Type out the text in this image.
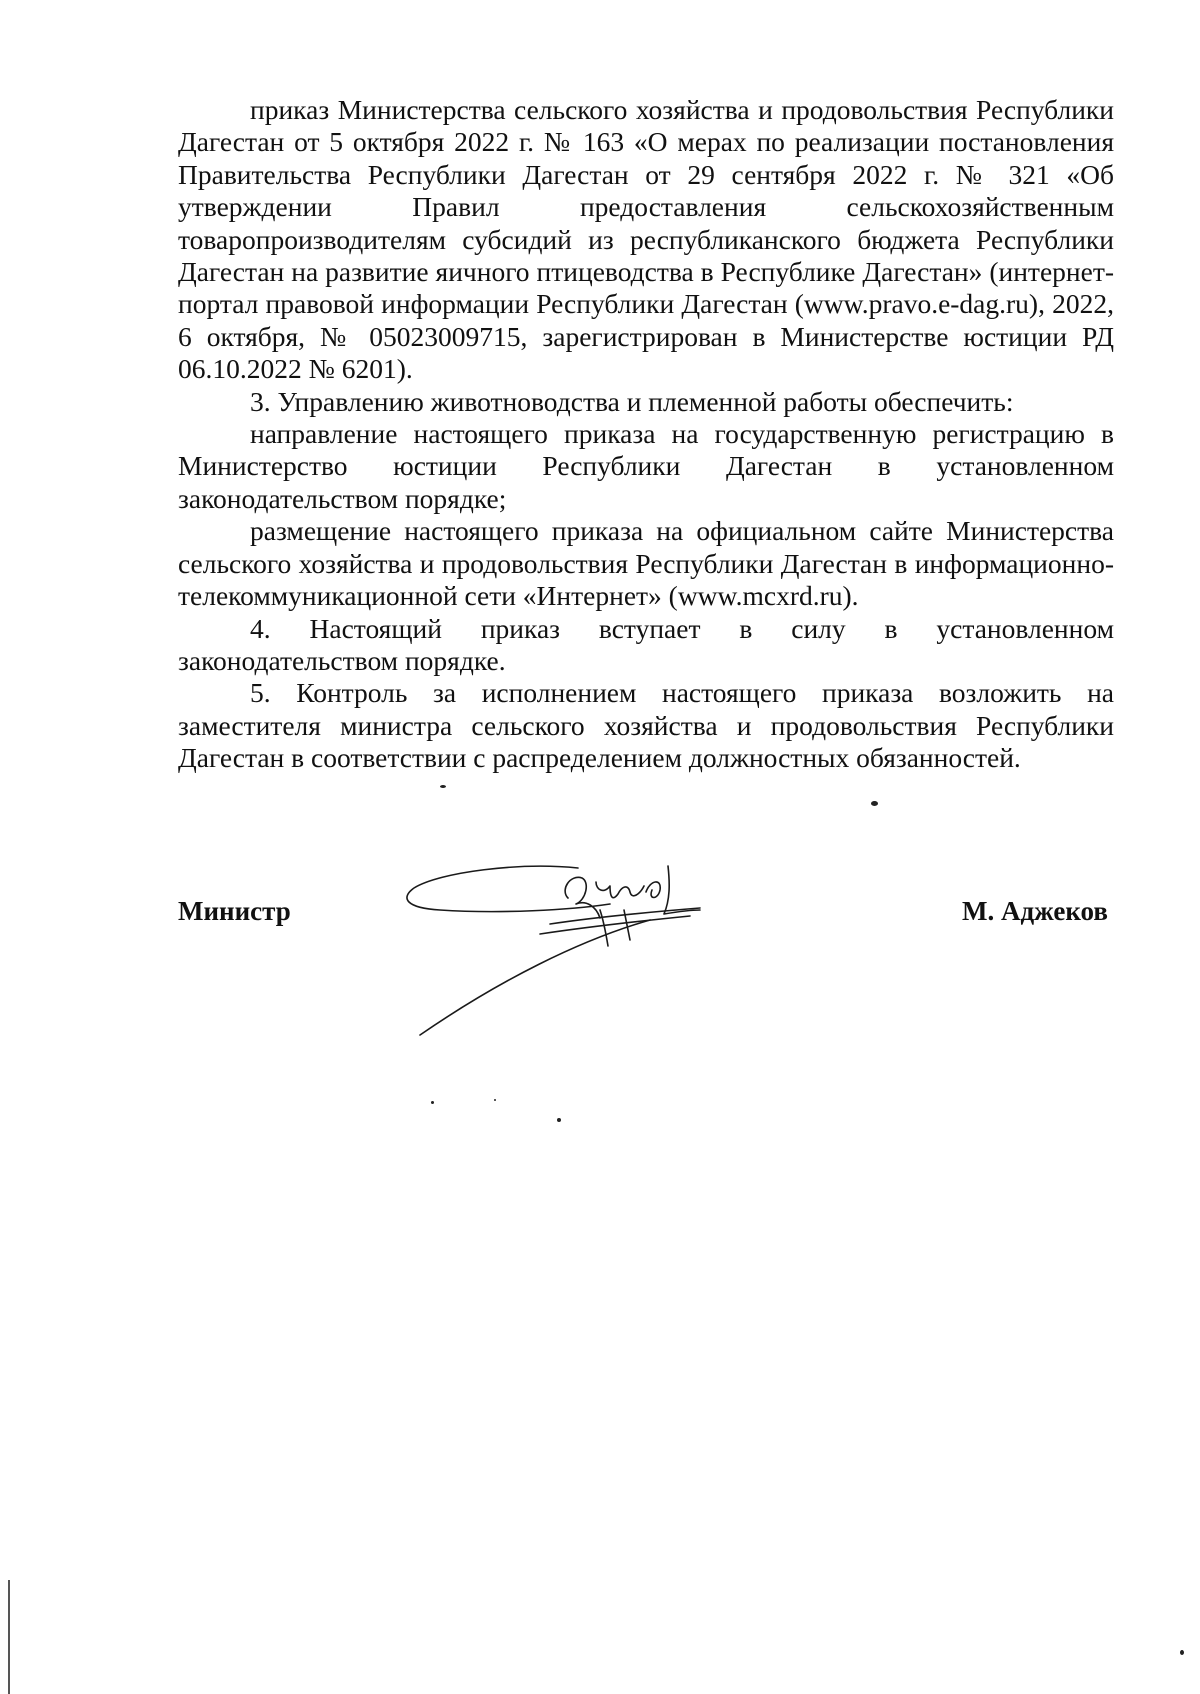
приказ Министерства сельского хозяйства и продовольствия Республики Дагестан от 5 октября 2022 г. № 163 «О мерах по реализации постановления Правительства Республики Дагестан от 29 сентября 2022 г. № 321 «Об утверждении Правил предоставления сельскохозяйственным товаропроизводителям субсидий из республиканского бюджета Республики Дагестан на развитие яичного птицеводства в Республике Дагестан» (интернет-портал правовой информации Республики Дагестан (www.pravo.e-dag.ru), 2022, 6 октября, № 05023009715, зарегистрирован в Министерстве юстиции РД 06.10.2022 № 6201).

3. Управлению животноводства и племенной работы обеспечить:

направление настоящего приказа на государственную регистрацию в Министерство юстиции Республики Дагестан в установленном законодательством порядке;

размещение настоящего приказа на официальном сайте Министерства сельского хозяйства и продовольствия Республики Дагестан в информационно-телекоммуникационной сети «Интернет» (www.mcxrd.ru).

4. Настоящий приказ вступает в силу в установленном законодательством порядке.

5. Контроль за исполнением настоящего приказа возложить на заместителя министра сельского хозяйства и продовольствия Республики Дагестан в соответствии с распределением должностных обязанностей.

Министр	М. Аджеков
